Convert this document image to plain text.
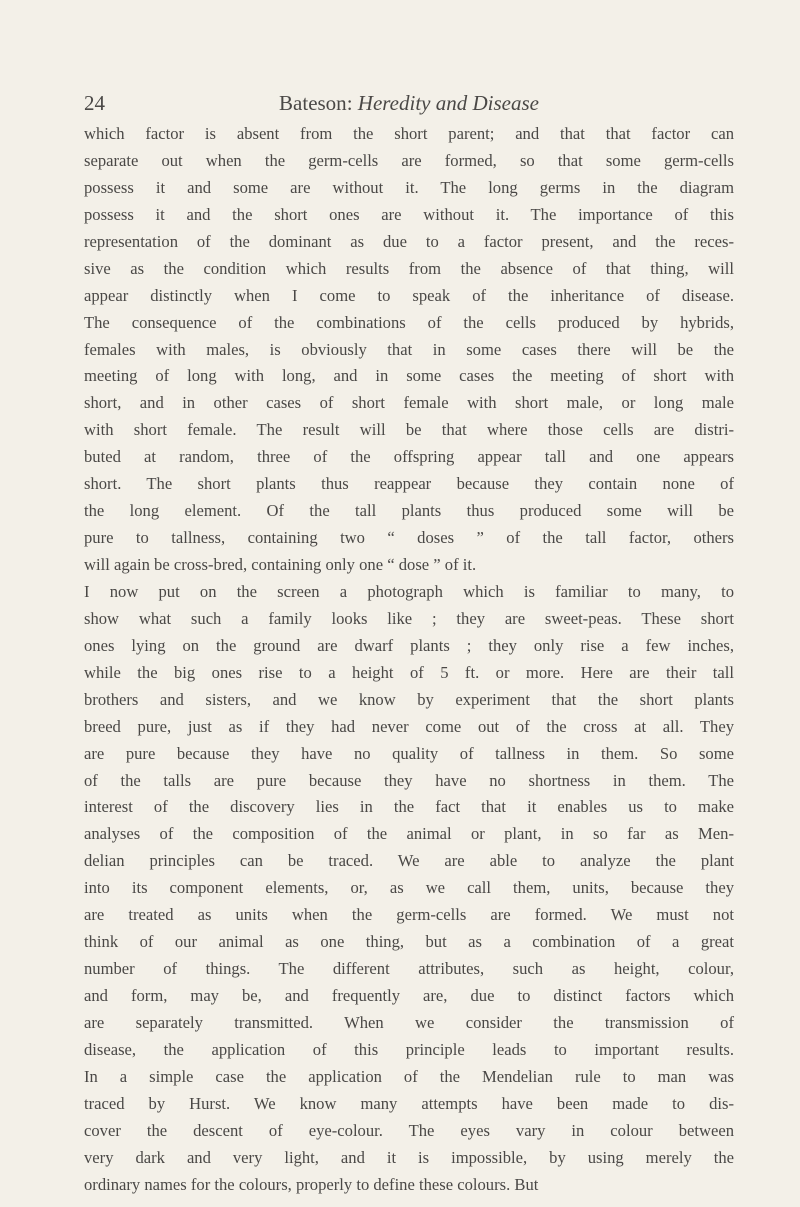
24	Bateson: Heredity and Disease
which factor is absent from the short parent; and that that factor can
separate out when the germ-cells are formed, so that some germ-cells
possess it and some are without it. The long germs in the diagram
possess it and the short ones are without it. The importance of this
representation of the dominant as due to a factor present, and the reces-
sive as the condition which results from the absence of that thing, will
appear distinctly when I come to speak of the inheritance of disease.
The consequence of the combinations of the cells produced by hybrids,
females with males, is obviously that in some cases there will be the
meeting of long with long, and in some cases the meeting of short with
short, and in other cases of short female with short male, or long male
with short female. The result will be that where those cells are distri-
buted at random, three of the offspring appear tall and one appears
short. The short plants thus reappear because they contain none of
the long element. Of the tall plants thus produced some will be
pure to tallness, containing two “ doses ” of the tall factor, others
will again be cross-bred, containing only one “ dose ” of it.
I now put on the screen a photograph which is familiar to many, to
show what such a family looks like ; they are sweet-peas. These short
ones lying on the ground are dwarf plants ; they only rise a few inches,
while the big ones rise to a height of 5 ft. or more. Here are their tall
brothers and sisters, and we know by experiment that the short plants
breed pure, just as if they had never come out of the cross at all. They
are pure because they have no quality of tallness in them. So some
of the talls are pure because they have no shortness in them. The
interest of the discovery lies in the fact that it enables us to make
analyses of the composition of the animal or plant, in so far as Men-
delian principles can be traced. We are able to analyze the plant
into its component elements, or, as we call them, units, because they
are treated as units when the germ-cells are formed. We must not
think of our animal as one thing, but as a combination of a great
number of things. The different attributes, such as height, colour,
and form, may be, and frequently are, due to distinct factors which
are separately transmitted. When we consider the transmission of
disease, the application of this principle leads to important results.
In a simple case the application of the Mendelian rule to man was
traced by Hurst. We know many attempts have been made to dis-
cover the descent of eye-colour. The eyes vary in colour between
very dark and very light, and it is impossible, by using merely the
ordinary names for the colours, properly to define these colours. But
